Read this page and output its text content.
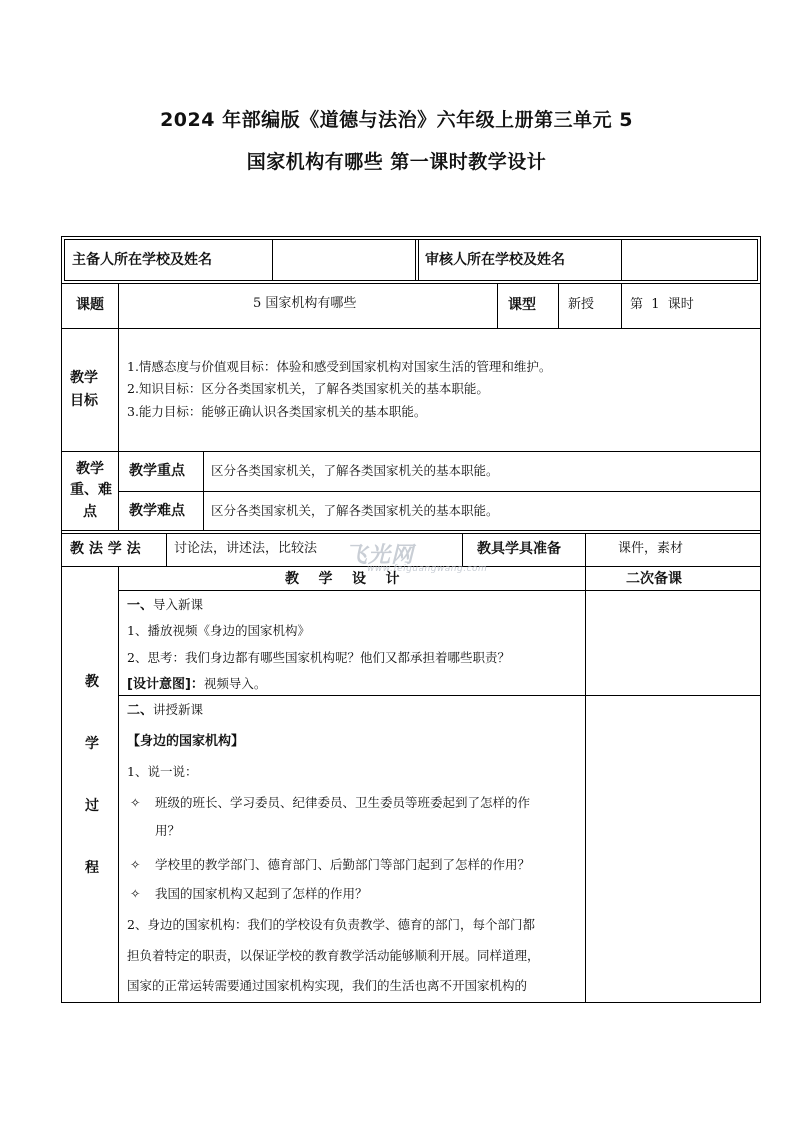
2024 年部编版《道德与法治》六年级上册第三单元 5
国家机构有哪些 第一课时教学设计
主备人所在学校及姓名	审核人所在学校及姓名
课题	5 国家机构有哪些	课型 新授	第  1  课时
教学
目标
1.情感态度与价值观目标：体验和感受到国家机构对国家生活的管理和维护。
2.知识目标：区分各类国家机关，了解各类国家机关的基本职能。
3.能力目标：能够正确认识各类国家机关的基本职能。
教学
重、难
点
教学重点 区分各类国家机关，了解各类国家机关的基本职能。
教学难点 区分各类国家机关，了解各类国家机关的基本职能。
教 法 学 法	讨论法，讲述法，比较法	教具学具准备	课件，素材
教
学
过
程
教    学    设    计	二次备课
一、导入新课
1、播放视频《身边的国家机构》
2、思考：我们身边都有哪些国家机构呢？他们又都承担着哪些职责？
[设计意图]：视频导入。
二、讲授新课
【身边的国家机构】
1、说一说：
✧ 班级的班长、学习委员、纪律委员、卫生委员等班委起到了怎样的作
用？
✧ 学校里的教学部门、德育部门、后勤部门等部门起到了怎样的作用？
✧ 我国的国家机构又起到了怎样的作用？
2、身边的国家机构：我们的学校设有负责教学、德育的部门，每个部门都
担负着特定的职责，以保证学校的教育教学活动能够顺利开展。同样道理，
国家的正常运转需要通过国家机构实现，我们的生活也离不开国家机构的
飞光网
www.feiguangwang.com
